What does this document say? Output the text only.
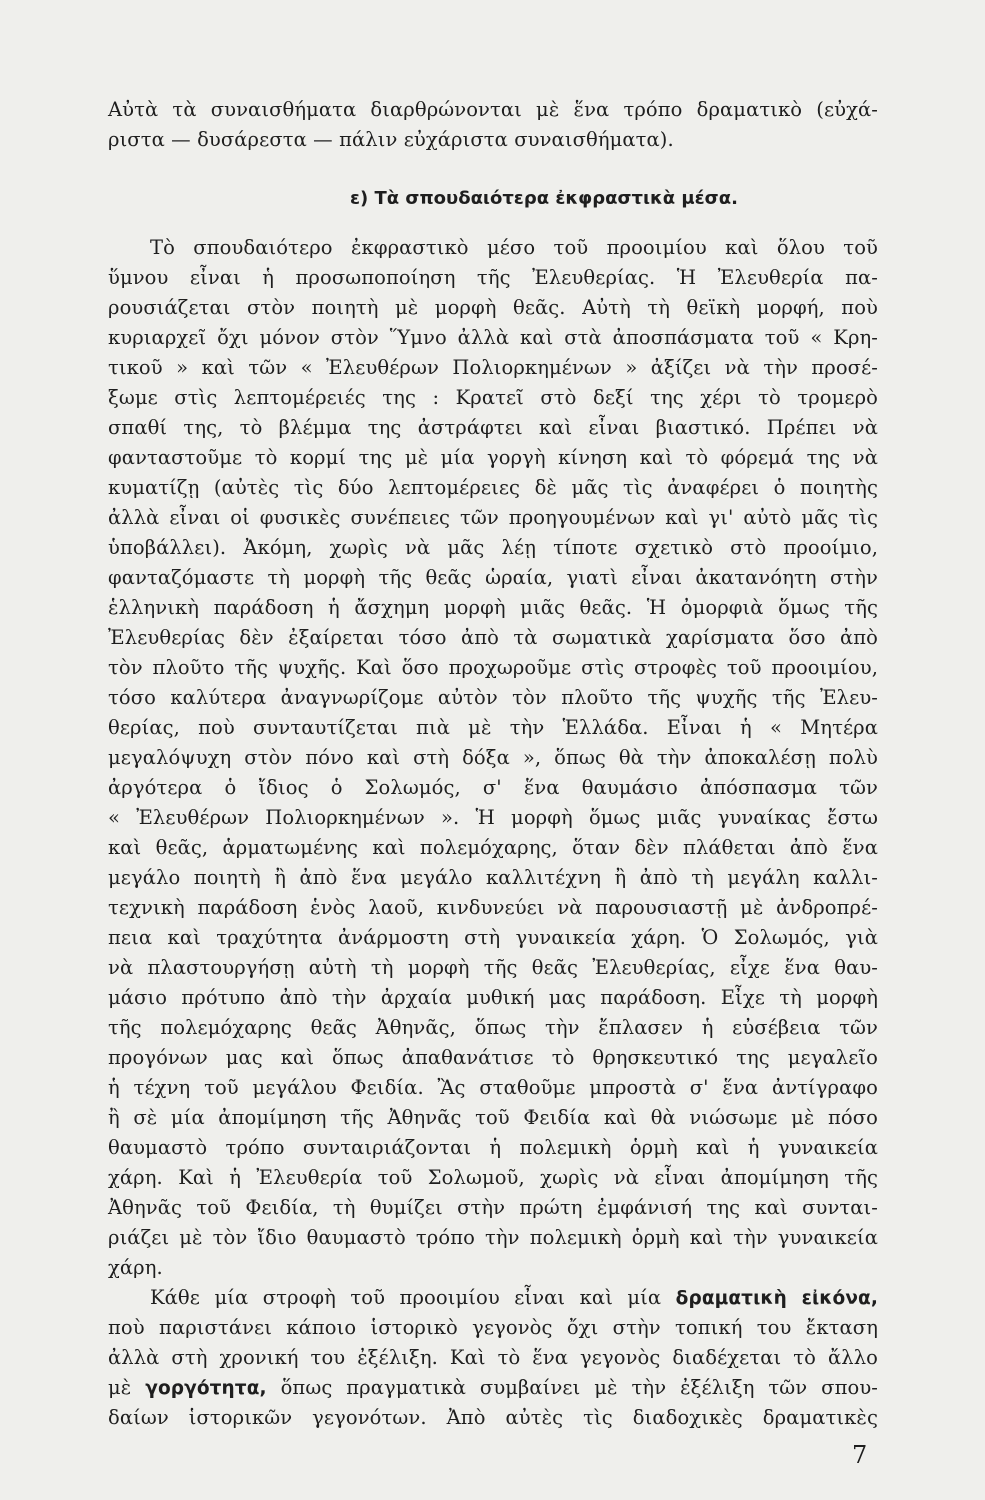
Αὐτὰ τὰ συναισθήματα διαρθρώνονται μὲ ἕνα τρόπο δραματικὸ (εὐχά-
ριστα — δυσάρεστα — πάλιν εὐχάριστα συναισθήματα).
ε) Τὰ σπουδαιότερα ἐκφραστικὰ μέσα.
Τὸ σπουδαιότερο ἐκφραστικὸ μέσο τοῦ προοιμίου καὶ ὅλου τοῦ
ὕμνου εἶναι ἡ προσωποποίηση τῆς Ἐλευθερίας. Ἡ Ἐλευθερία πα-
ρουσιάζεται στὸν ποιητὴ μὲ μορφὴ θεᾶς. Αὐτὴ τὴ θεϊκὴ μορφή, ποὺ
κυριαρχεῖ ὄχι μόνον στὸν Ὕμνο ἀλλὰ καὶ στὰ ἀποσπάσματα τοῦ « Κρη-
τικοῦ » καὶ τῶν « Ἐλευθέρων Πολιορκημένων » ἀξίζει νὰ τὴν προσέ-
ξωμε στὶς λεπτομέρειές της : Κρατεῖ στὸ δεξί της χέρι τὸ τρομερὸ
σπαθί της, τὸ βλέμμα της ἀστράφτει καὶ εἶναι βιαστικό. Πρέπει νὰ
φανταστοῦμε τὸ κορμί της μὲ μία γοργὴ κίνηση καὶ τὸ φόρεμά της νὰ
κυματίζῃ (αὐτὲς τὶς δύο λεπτομέρειες δὲ μᾶς τὶς ἀναφέρει ὁ ποιητὴς
ἀλλὰ εἶναι οἱ φυσικὲς συνέπειες τῶν προηγουμένων καὶ γι' αὐτὸ μᾶς τὶς
ὑποβάλλει). Ἀκόμη, χωρὶς νὰ μᾶς λέῃ τίποτε σχετικὸ στὸ προοίμιο,
φανταζόμαστε τὴ μορφὴ τῆς θεᾶς ὡραία, γιατὶ εἶναι ἀκατανόητη στὴν
ἑλληνικὴ παράδοση ἡ ἄσχημη μορφὴ μιᾶς θεᾶς. Ἡ ὀμορφιὰ ὅμως τῆς
Ἐλευθερίας δὲν ἐξαίρεται τόσο ἀπὸ τὰ σωματικὰ χαρίσματα ὅσο ἀπὸ
τὸν πλοῦτο τῆς ψυχῆς. Καὶ ὅσο προχωροῦμε στὶς στροφὲς τοῦ προοιμίου,
τόσο καλύτερα ἀναγνωρίζομε αὐτὸν τὸν πλοῦτο τῆς ψυχῆς τῆς Ἐλευ-
θερίας, ποὺ συνταυτίζεται πιὰ μὲ τὴν Ἑλλάδα. Εἶναι ἡ « Μητέρα
μεγαλόψυχη στὸν πόνο καὶ στὴ δόξα », ὅπως θὰ τὴν ἀποκαλέσῃ πολὺ
ἀργότερα ὁ ἴδιος ὁ Σολωμός, σ' ἕνα θαυμάσιο ἀπόσπασμα τῶν
« Ἐλευθέρων Πολιορκημένων ». Ἡ μορφὴ ὅμως μιᾶς γυναίκας ἔστω
καὶ θεᾶς, ἁρματωμένης καὶ πολεμόχαρης, ὅταν δὲν πλάθεται ἀπὸ ἕνα
μεγάλο ποιητὴ ἢ ἀπὸ ἕνα μεγάλο καλλιτέχνη ἢ ἀπὸ τὴ μεγάλη καλλι-
τεχνικὴ παράδοση ἑνὸς λαοῦ, κινδυνεύει νὰ παρουσιαστῇ μὲ ἀνδροπρέ-
πεια καὶ τραχύτητα ἀνάρμοστη στὴ γυναικεία χάρη. Ὁ Σολωμός, γιὰ
νὰ πλαστουργήσῃ αὐτὴ τὴ μορφὴ τῆς θεᾶς Ἐλευθερίας, εἶχε ἕνα θαυ-
μάσιο πρότυπο ἀπὸ τὴν ἀρχαία μυθική μας παράδοση. Εἶχε τὴ μορφὴ
τῆς πολεμόχαρης θεᾶς Ἀθηνᾶς, ὅπως τὴν ἔπλασεν ἡ εὐσέβεια τῶν
προγόνων μας καὶ ὅπως ἀπαθανάτισε τὸ θρησκευτικό της μεγαλεῖο
ἡ τέχνη τοῦ μεγάλου Φειδία. Ἂς σταθοῦμε μπροστὰ σ' ἕνα ἀντίγραφο
ἢ σὲ μία ἀπομίμηση τῆς Ἀθηνᾶς τοῦ Φειδία καὶ θὰ νιώσωμε μὲ πόσο
θαυμαστὸ τρόπο συνταιριάζονται ἡ πολεμικὴ ὁρμὴ καὶ ἡ γυναικεία
χάρη. Καὶ ἡ Ἐλευθερία τοῦ Σολωμοῦ, χωρὶς νὰ εἶναι ἀπομίμηση τῆς
Ἀθηνᾶς τοῦ Φειδία, τὴ θυμίζει στὴν πρώτη ἐμφάνισή της καὶ συνται-
ριάζει μὲ τὸν ἴδιο θαυμαστὸ τρόπο τὴν πολεμικὴ ὁρμὴ καὶ τὴν γυναικεία
χάρη.
Κάθε μία στροφὴ τοῦ προοιμίου εἶναι καὶ μία δραματικὴ εἰκόνα,
ποὺ παριστάνει κάποιο ἱστορικὸ γεγονὸς ὄχι στὴν τοπική του ἔκταση
ἀλλὰ στὴ χρονική του ἐξέλιξη. Καὶ τὸ ἕνα γεγονὸς διαδέχεται τὸ ἄλλο
μὲ γοργότητα, ὅπως πραγματικὰ συμβαίνει μὲ τὴν ἐξέλιξη τῶν σπου-
δαίων ἱστορικῶν γεγονότων. Ἀπὸ αὐτὲς τὶς διαδοχικὲς δραματικὲς
7
